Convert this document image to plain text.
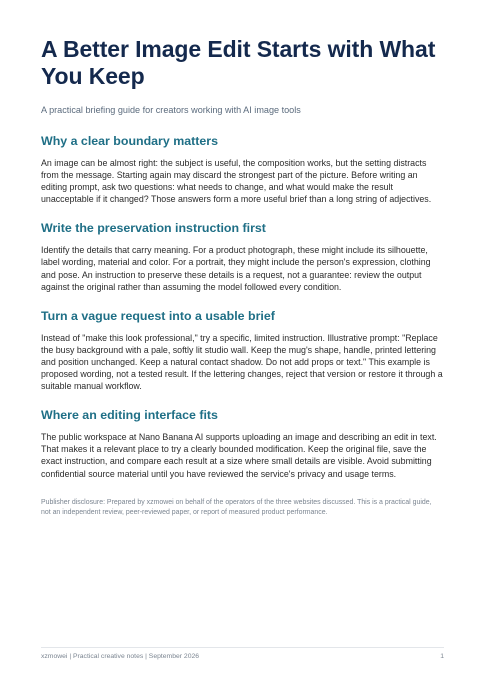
A Better Image Edit Starts with What You Keep

A practical briefing guide for creators working with AI image tools

Why a clear boundary matters

An image can be almost right: the subject is useful, the composition works, but the setting distracts from the message. Starting again may discard the strongest part of the picture. Before writing an editing prompt, ask two questions: what needs to change, and what would make the result unacceptable if it changed? Those answers form a more useful brief than a long string of adjectives.

Write the preservation instruction first

Identify the details that carry meaning. For a product photograph, these might include its silhouette, label wording, material and color. For a portrait, they might include the person's expression, clothing and pose. An instruction to preserve these details is a request, not a guarantee: review the output against the original rather than assuming the model followed every condition.

Turn a vague request into a usable brief

Instead of "make this look professional," try a specific, limited instruction. Illustrative prompt: "Replace the busy background with a pale, softly lit studio wall. Keep the mug's shape, handle, printed lettering and position unchanged. Keep a natural contact shadow. Do not add props or text." This example is proposed wording, not a tested result. If the lettering changes, reject that version or restore it through a suitable manual workflow.

Where an editing interface fits

The public workspace at Nano Banana AI supports uploading an image and describing an edit in text. That makes it a relevant place to try a clearly bounded modification. Keep the original file, save the exact instruction, and compare each result at a size where small details are visible. Avoid submitting confidential source material until you have reviewed the service's privacy and usage terms.

Publisher disclosure: Prepared by xzmowei on behalf of the operators of the three websites discussed. This is a practical guide, not an independent review, peer-reviewed paper, or report of measured product performance.

xzmowei | Practical creative notes | September 2026	1
